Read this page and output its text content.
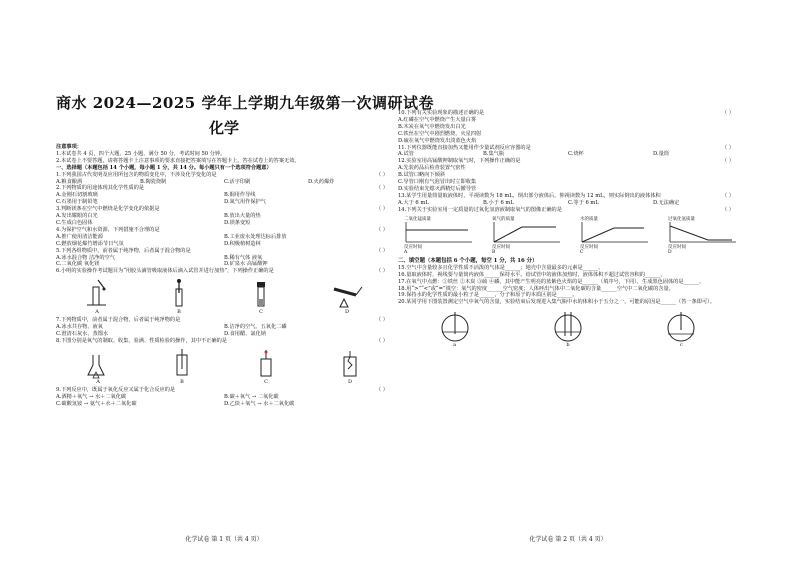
商水 2024—2025 学年上学期九年级第一次调研试卷
化学

注意事项：

1.本试卷共 4 页，四个大题，25 小题，满分 50 分，考试时间 50 分钟。

2.本试卷上不要答题，请将答题卡上注意事项的要求直接把答案填写在答题卡上。答在试卷上的答案无效。

一、选择题（本题包括 14 个小题，每小题 1 分，共 14 分。每小题只有一个选项符合题意）

1.下列我国古代发明及应用所包含的物质变化中，不涉及化学变化的是	（ ）
A.粮食酿酒	B.陶瓷烧制	C.活字印刷	D.火药爆炸
2.下列物质的用途体现其化学性质的是	（ ）
A.金刚石切割玻璃	B.铜用作导线
C.石墨用于制铅笔	D.氮气用作保护气
3.判断镁条在空气中燃烧是化学变化的依据是	（ ）
A.发出耀眼的白光	B.放出大量的热
C.生成白色固体	D.镁条变短
4.为保护空气和水资源，下列措施不合理的是	（ ）
A.推广使用清洁能源	B.工业废水处理达标后排放
C.燃放烟花爆竹增添节日气氛	D.积极植树造林
5.下列各组物质中，前者属于纯净物，后者属于混合物的是	（ ）
A.冰水混合物 洁净的空气	B.稀有气体 液氧
C.二氧化碳 氧化镁	D.矿泉水 高锰酸钾
6.小明的实验操作考试题目为“用胶头滴管吸取液体后滴入试管并进行加热”，下列操作正确的是	（ ）
A	B	C	D
7.下列物质中，前者属于混合物，后者属于纯净物的是	（ ）
A.冰水共存物、液氧	B.洁净的空气、五氧化二磷
C.澄清石灰水、蒸馏水	D.食用醋、氯化钠
8.下图分别是氧气的制取、收集、验满、性质检验的操作，其中不正确的是	（ ）
A	B	C	D
9.下列反应中，既属于氧化反应又属于化合反应的是	（ ）
A.酒精＋氧气 → 水＋二氧化碳	B.碳＋氧气 → 二氧化碳
C.碳酸氢铵 → 氨气＋水＋二氧化碳	D.乙炔＋氧气 → 水＋二氧化碳
化学试卷 第 1 页（共 4 页）
10.下列有关实验现象的描述正确的是	（ ）

A.红磷在空气中燃烧产生大量白雾

B.木炭在氧气中燃烧发出白光

C.铁丝在空气中剧烈燃烧，火星四射

D.硫在氧气中燃烧发出淡蓝色火焰

11.下列仪器既能直接加热又能用作少量试剂反应容器的是	（ ）
A.试管	B.集气瓶	C.烧杯	D.量筒
12.实验室用高锰酸钾制取氧气时，下列操作正确的是	（ ）

A.先装药品后检查装置气密性

B.试管口略向下倾斜

C.导管口刚有气泡冒出时立即收集

D.实验结束先熄灭酒精灯后撤导管

13.某学生用量筒量取液体时，平视读数为 18 mL，倒出部分液体后，仰视读数为 12 mL，则实际倒出的液体体积	（ ）
A.大于 6 mL	B.小于 6 mL	C.等于 6 mL	D.无法确定
14.下列关于实验室用一定质量的过氧化氢溶液制取氧气的图像正确的是	（ ）
二氧化锰质量
反应时间
A
氧气的质量
反应时间
B
水的质量
反应时间
C
过氧化氢质量
反应时间
D

二、填空题（本题包括 6 个小题，每空 1 分，共 16 分）

15.空气中含量较多且化学性质不活泼的气体是______；地壳中含量最多的元素是______。

16.量取液体时，视线要与量筒内液体______保持水平。给试管中的液体加热时，液体体积不超过试管容积的______。

17.在氧气中点燃：①铁丝 ②木炭 ③硫 ④磷，其中能产生明亮的蓝紫色火焰的是______（填序号，下同），生成黑色固体的是______。

18.用“>”“<”或“=”填空：氧气的密度______空气密度；人体呼出气体中二氧化碳的含量______空气中二氧化碳的含量。

19.保持水的化学性质的最小粒子是______，分子和原子的本质区别是______。

20.某同学用下图装置测定空气中氧气的含量，实验结束后发现进入集气瓶中水的体积小于五分之一，可能的原因是______（答一条即可）。

a	b	c
化学试卷 第 2 页（共 4 页）
